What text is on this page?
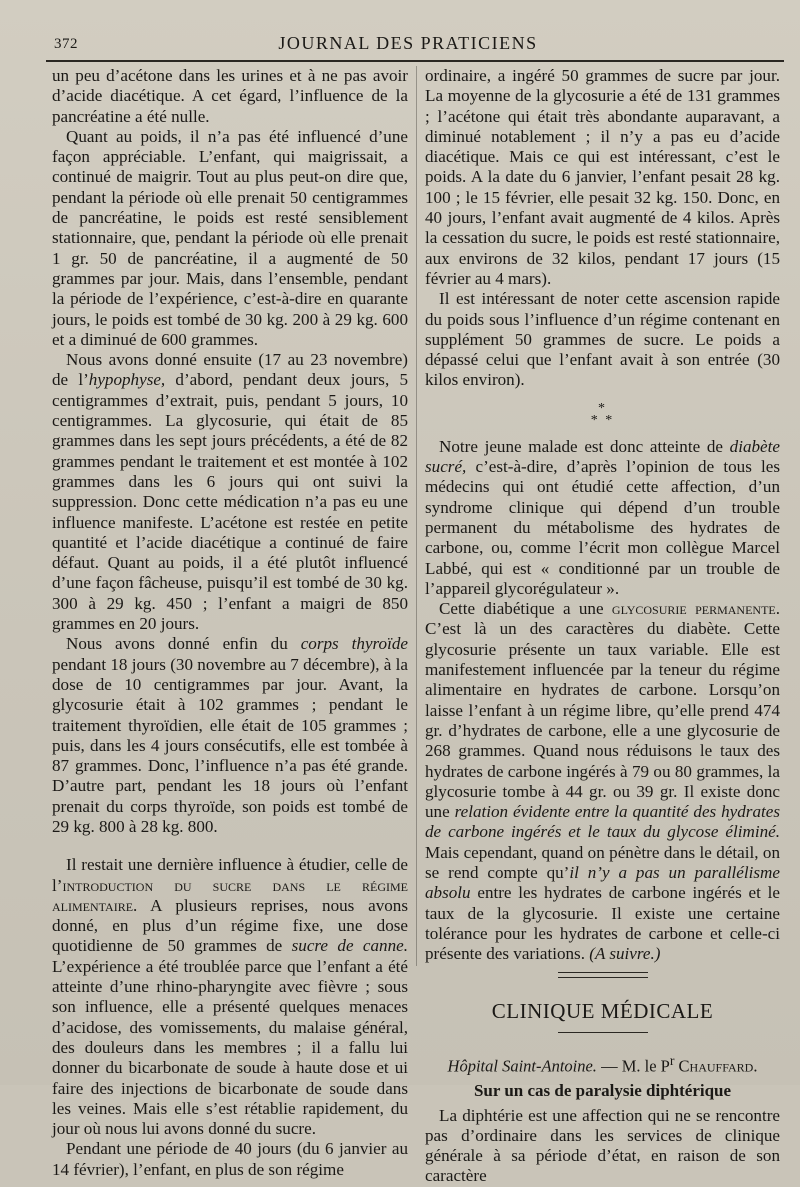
372	JOURNAL DES PRATICIENS

un peu d’acétone dans les urines et à ne pas avoir d’acide diacétique. A cet égard, l’influence de la pancréatine a été nulle.

Quant au poids, il n’a pas été influencé d’une façon appréciable. L’enfant, qui maigrissait, a continué de maigrir. Tout au plus peut-on dire que, pendant la période où elle prenait 50 centigrammes de pancréatine, le poids est resté sensiblement stationnaire, que, pendant la période où elle prenait 1 gr. 50 de pancréatine, il a augmenté de 50 grammes par jour. Mais, dans l’ensemble, pendant la période de l’expérience, c’est-à-dire en quarante jours, le poids est tombé de 30 kg. 200 à 29 kg. 600 et a diminué de 600 grammes.

Nous avons donné ensuite (17 au 23 novembre) de l’hypophyse, d’abord, pendant deux jours, 5 centigrammes d’extrait, puis, pendant 5 jours, 10 centigrammes. La glycosurie, qui était de 85 grammes dans les sept jours précédents, a été de 82 grammes pendant le traitement et est montée à 102 grammes dans les 6 jours qui ont suivi la suppression. Donc cette médication n’a pas eu une influence manifeste. L’acétone est restée en petite quantité et l’acide diacétique a continué de faire défaut. Quant au poids, il a été plutôt influencé d’une façon fâcheuse, puisqu’il est tombé de 30 kg. 300 à 29 kg. 450 ; l’enfant a maigri de 850 grammes en 20 jours.

Nous avons donné enfin du corps thyroïde pendant 18 jours (30 novembre au 7 décembre), à la dose de 10 centigrammes par jour. Avant, la glycosurie était à 102 grammes ; pendant le traitement thyroïdien, elle était de 105 grammes ; puis, dans les 4 jours consécutifs, elle est tombée à 87 grammes. Donc, l’influence n’a pas été grande. D’autre part, pendant les 18 jours où l’enfant prenait du corps thyroïde, son poids est tombé de 29 kg. 800 à 28 kg. 800.

Il restait une dernière influence à étudier, celle de l’introduction du sucre dans le régime alimentaire. A plusieurs reprises, nous avons donné, en plus d’un régime fixe, une dose quotidienne de 50 grammes de sucre de canne. L’expérience a été troublée parce que l’enfant a été atteinte d’une rhino-pharyngite avec fièvre ; sous son influence, elle a présenté quelques menaces d’acidose, des vomissements, du malaise général, des douleurs dans les membres ; il a fallu lui donner du bicarbonate de soude à haute dose et ui faire des injections de bicarbonate de soude dans les veines. Mais elle s’est rétablie rapidement, du jour où nous lui avons donné du sucre.

Pendant une période de 40 jours (du 6 janvier au 14 février), l’enfant, en plus de son régime

ordinaire, a ingéré 50 grammes de sucre par jour. La moyenne de la glycosurie a été de 131 grammes ; l’acétone qui était très abondante auparavant, a diminué notablement ; il n’y a pas eu d’acide diacétique. Mais ce qui est intéressant, c’est le poids. A la date du 6 janvier, l’enfant pesait 28 kg. 100 ; le 15 février, elle pesait 32 kg. 150. Donc, en 40 jours, l’enfant avait augmenté de 4 kilos. Après la cessation du sucre, le poids est resté stationnaire, aux environs de 32 kilos, pendant 17 jours (15 février au 4 mars).

Il est intéressant de noter cette ascension rapide du poids sous l’influence d’un régime contenant en supplément 50 grammes de sucre. Le poids a dépassé celui que l’enfant avait à son entrée (30 kilos environ).

*
* *

Notre jeune malade est donc atteinte de diabète sucré, c’est-à-dire, d’après l’opinion de tous les médecins qui ont étudié cette affection, d’un syndrome clinique qui dépend d’un trouble permanent du métabolisme des hydrates de carbone, ou, comme l’écrit mon collègue Marcel Labbé, qui est « conditionné par un trouble de l’appareil glycorégulateur ».

Cette diabétique a une glycosurie permanente. C’est là un des caractères du diabète. Cette glycosurie présente un taux variable. Elle est manifestement influencée par la teneur du régime alimentaire en hydrates de carbone. Lorsqu’on laisse l’enfant à un régime libre, qu’elle prend 474 gr. d’hydrates de carbone, elle a une glycosurie de 268 grammes. Quand nous réduisons le taux des hydrates de carbone ingérés à 79 ou 80 grammes, la glycosurie tombe à 44 gr. ou 39 gr. Il existe donc une relation évidente entre la quantité des hydrates de carbone ingérés et le taux du glycose éliminé. Mais cependant, quand on pénètre dans le détail, on se rend compte qu’il n’y a pas un parallélisme absolu entre les hydrates de carbone ingérés et le taux de la glycosurie. Il existe une certaine tolérance pour les hydrates de carbone et celle-ci présente des variations. (A suivre.)

CLINIQUE MÉDICALE
Hôpital Saint-Antoine. — M. le $P^r$ Chauffard.
Sur un cas de paralysie diphtérique

La diphtérie est une affection qui ne se rencontre pas d’ordinaire dans les services de clinique générale à sa période d’état, en raison de son caractère
